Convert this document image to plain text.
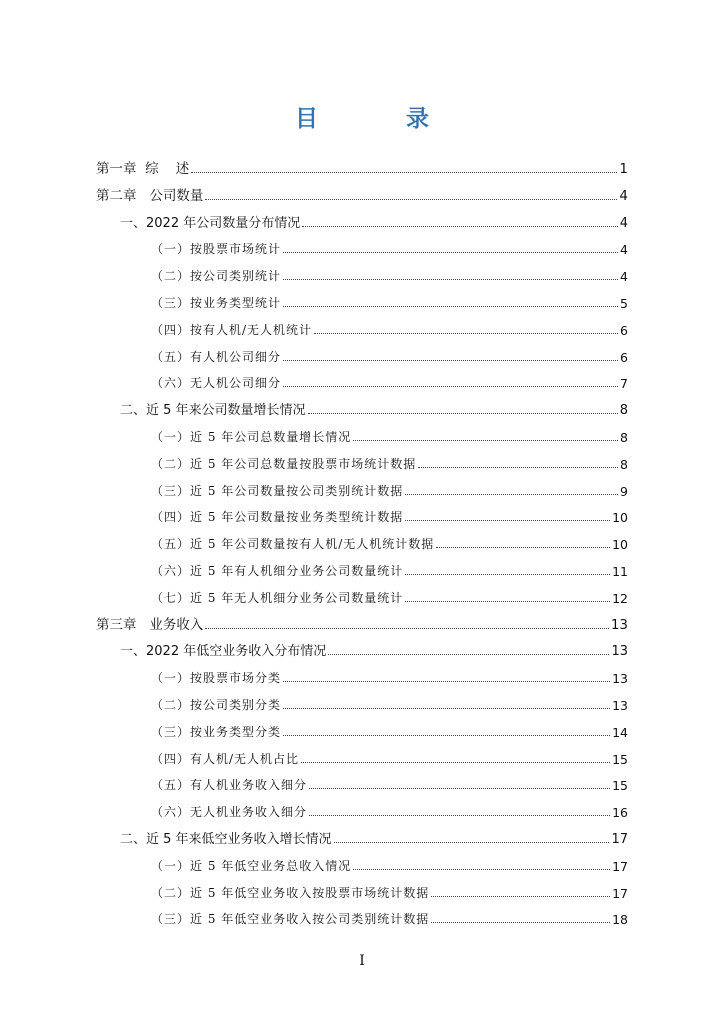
目 录
第一章  综    述	1
第二章   公司数量	4
一、2022 年公司数量分布情况	4
（一）按股票市场统计	4
（二）按公司类别统计	4
（三）按业务类型统计	5
（四）按有人机/无人机统计	6
（五）有人机公司细分	6
（六）无人机公司细分	7
二、近 5 年来公司数量增长情况	8
（一）近 5 年公司总数量增长情况	8
（二）近 5 年公司总数量按股票市场统计数据	8
（三）近 5 年公司数量按公司类别统计数据	9
（四）近 5 年公司数量按业务类型统计数据	10
（五）近 5 年公司数量按有人机/无人机统计数据	10
（六）近 5 年有人机细分业务公司数量统计	11
（七）近 5 年无人机细分业务公司数量统计	12
第三章   业务收入	13
一、2022 年低空业务收入分布情况	13
（一）按股票市场分类	13
（二）按公司类别分类	13
（三）按业务类型分类	14
（四）有人机/无人机占比	15
（五）有人机业务收入细分	15
（六）无人机业务收入细分	16
二、近 5 年来低空业务收入增长情况	17
（一）近 5 年低空业务总收入情况	17
（二）近 5 年低空业务收入按股票市场统计数据	17
（三）近 5 年低空业务收入按公司类别统计数据	18
I
